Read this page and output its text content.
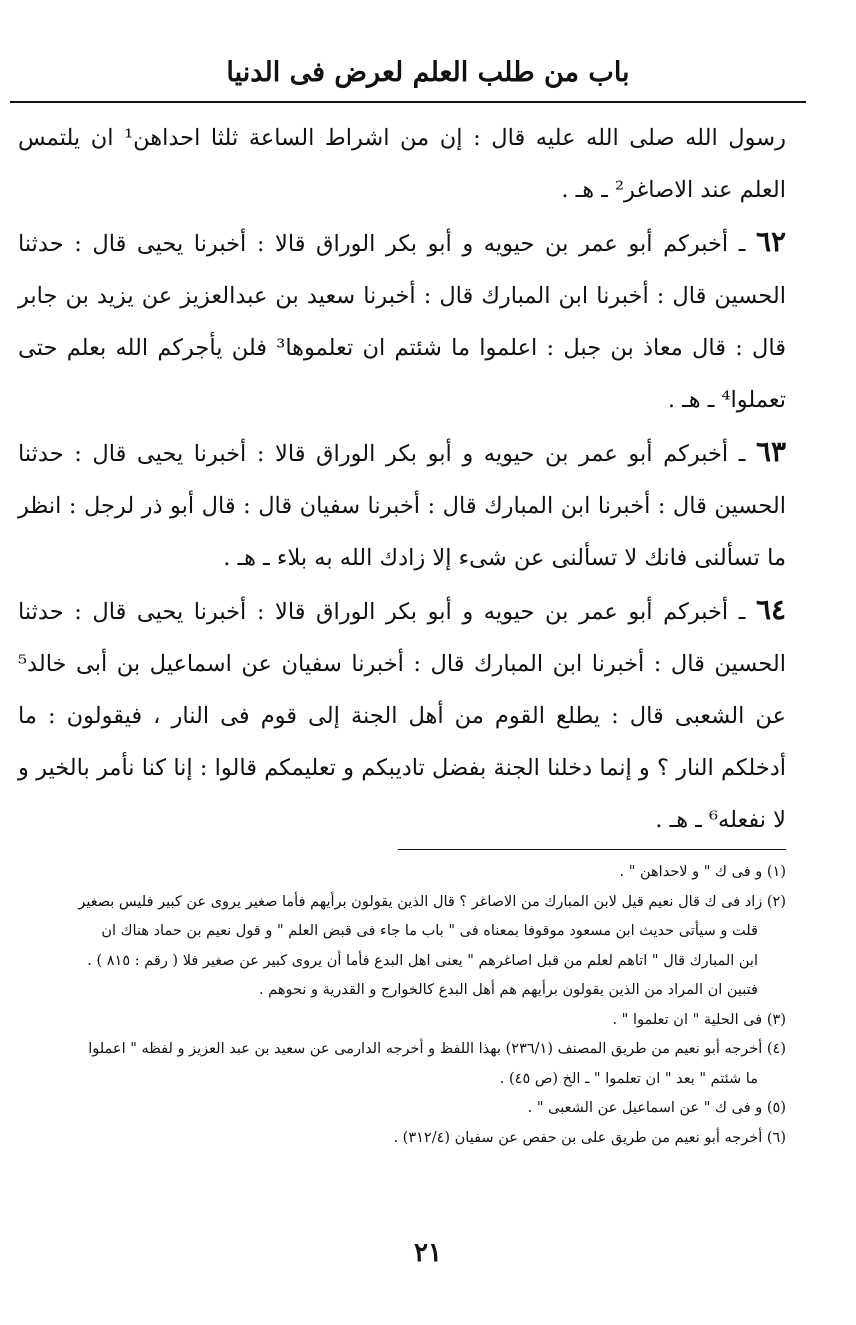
باب من طلب العلم لعرض فى الدنيا

رسول الله صلى الله عليه قال : إن من اشراط الساعة ثلثا احداهن¹ ان يلتمس العلم عند الاصاغر² ـ هـ .

٦٢ ـ أخبركم أبو عمر بن حيويه و أبو بكر الوراق قالا : أخبرنا يحيى قال : حدثنا الحسين قال : أخبرنا ابن المبارك قال : أخبرنا سعيد بن عبدالعزيز عن يزيد بن جابر قال : قال معاذ بن جبل : اعلموا ما شئتم ان تعلموها³ فلن يأجركم الله بعلم حتى تعملوا⁴ ـ هـ .

٦٣ ـ أخبركم أبو عمر بن حيويه و أبو بكر الوراق قالا : أخبرنا يحيى قال : حدثنا الحسين قال : أخبرنا ابن المبارك قال : أخبرنا سفيان قال : قال أبو ذر لرجل : انظر ما تسألنى فانك لا تسألنى عن شىء إلا زادك الله به بلاء ـ هـ .

٦٤ ـ أخبركم أبو عمر بن حيويه و أبو بكر الوراق قالا : أخبرنا يحيى قال : حدثنا الحسين قال : أخبرنا ابن المبارك قال : أخبرنا سفيان عن اسماعيل بن أبى خالد⁵ عن الشعبى قال : يطلع القوم من أهل الجنة إلى قوم فى النار ، فيقولون : ما أدخلكم النار ؟ و إنما دخلنا الجنة بفضل تاديبكم و تعليمكم قالوا : إنا كنا نأمر بالخير و لا نفعله⁶ ـ هـ .

(١) و فى ك " و لاحداهن " .

(٢) زاد فى ك قال نعيم قيل لابن المبارك من الاصاغر ؟ قال الذين يقولون برأيهم فأما صغير يروى عن كبير فليس بصغير

قلت و سيأتى حديث ابن مسعود موقوفا بمعناه فى " باب ما جاء فى قبض العلم " و قول نعيم بن حماد هناك ان

ابن المبارك قال " اتاهم لعلم من قبل اصاغرهم " يعنى اهل البدع فأما أن يروى كبير عن صغير فلا ( رقم : ٨١٥ ) .

فتبين ان المراد من الذين يقولون برأيهم هم أهل البدع كالخوارج و القدرية و نحوهم .

(٣) فى الحلية " ان تعلموا " .

(٤) أخرجه أبو نعيم من طريق المصنف (٢٣٦/١) بهذا اللفظ و أخرجه الدارمى عن سعيد بن عبد العزيز و لفظه " اعملوا

ما شئتم " بعد " ان تعلموا " ـ الخ (ص ٤٥) .

(٥) و فى ك " عن اسماعيل عن الشعبى " .

(٦) أخرجه أبو نعيم من طريق على بن حفص عن سفيان (٣١٢/٤) .

٢١
